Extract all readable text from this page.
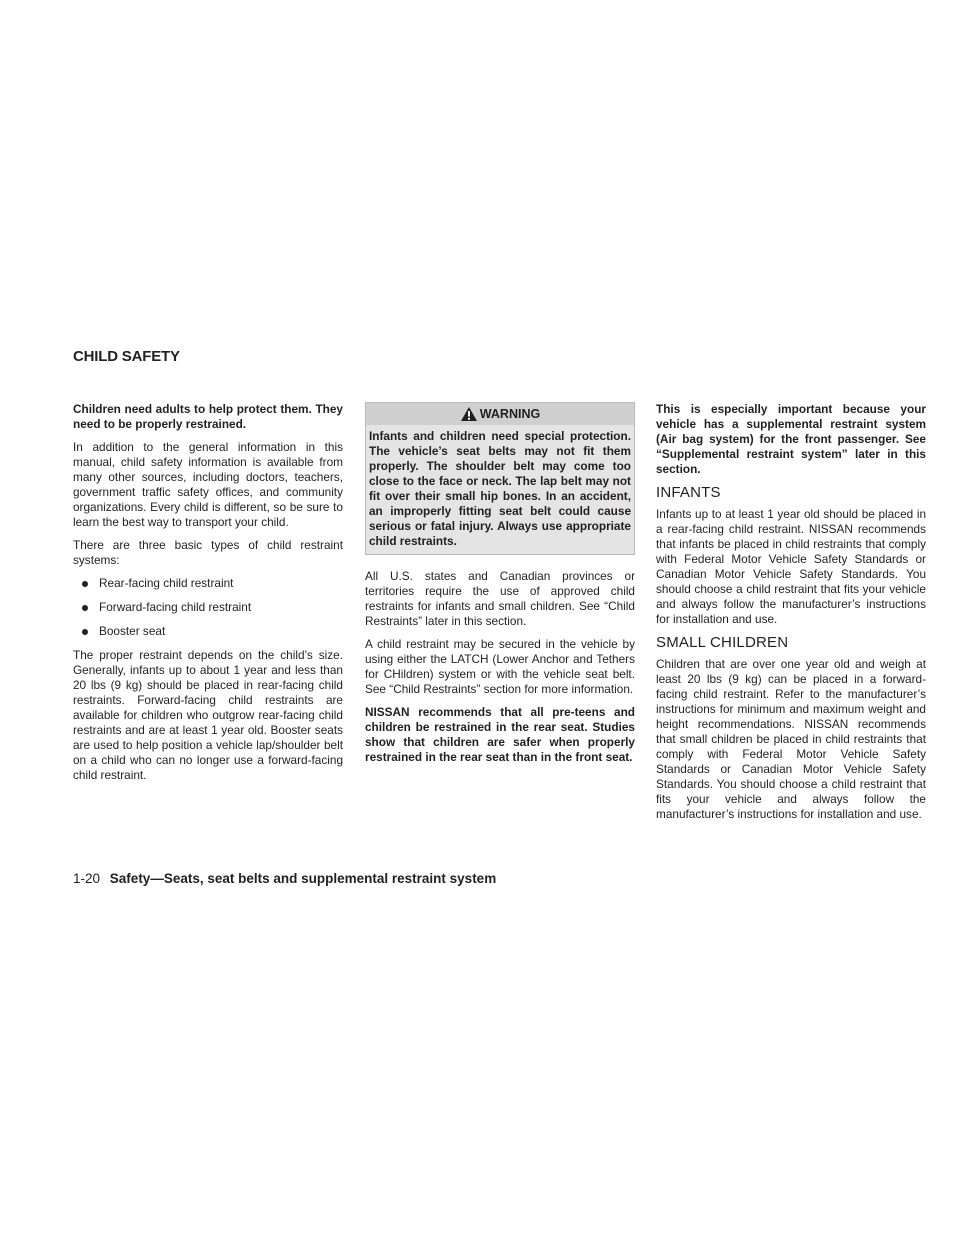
CHILD SAFETY

Children need adults to help protect them. They need to be properly restrained.

In addition to the general information in this manual, child safety information is available from many other sources, including doctors, teachers, government traffic safety offices, and community organizations. Every child is different, so be sure to learn the best way to transport your child.

There are three basic types of child restraint systems:

Rear-facing child restraint
Forward-facing child restraint
Booster seat

The proper restraint depends on the child’s size. Generally, infants up to about 1 year and less than 20 lbs (9 kg) should be placed in rear-facing child restraints. Forward-facing child restraints are available for children who outgrow rear-facing child restraints and are at least 1 year old. Booster seats are used to help position a vehicle lap/shoulder belt on a child who can no longer use a forward-facing child restraint.

WARNING
Infants and children need special protection. The vehicle’s seat belts may not fit them properly. The shoulder belt may come too close to the face or neck. The lap belt may not fit over their small hip bones. In an accident, an improperly fitting seat belt could cause serious or fatal injury. Always use appropriate child restraints.

All U.S. states and Canadian provinces or territories require the use of approved child restraints for infants and small children. See “Child Restraints” later in this section.

A child restraint may be secured in the vehicle by using either the LATCH (Lower Anchor and Tethers for CHildren) system or with the vehicle seat belt. See “Child Restraints” section for more information.

NISSAN recommends that all pre-teens and children be restrained in the rear seat. Studies show that children are safer when properly restrained in the rear seat than in the front seat.

This is especially important because your vehicle has a supplemental restraint system (Air bag system) for the front passenger. See “Supplemental restraint system” later in this section.

INFANTS

Infants up to at least 1 year old should be placed in a rear-facing child restraint. NISSAN recommends that infants be placed in child restraints that comply with Federal Motor Vehicle Safety Standards or Canadian Motor Vehicle Safety Standards. You should choose a child restraint that fits your vehicle and always follow the manufacturer’s instructions for installation and use.

SMALL CHILDREN

Children that are over one year old and weigh at least 20 lbs (9 kg) can be placed in a forward-facing child restraint. Refer to the manufacturer’s instructions for minimum and maximum weight and height recommendations. NISSAN recommends that small children be placed in child restraints that comply with Federal Motor Vehicle Safety Standards or Canadian Motor Vehicle Safety Standards. You should choose a child restraint that fits your vehicle and always follow the manufacturer’s instructions for installation and use.

1-20 Safety—Seats, seat belts and supplemental restraint system
